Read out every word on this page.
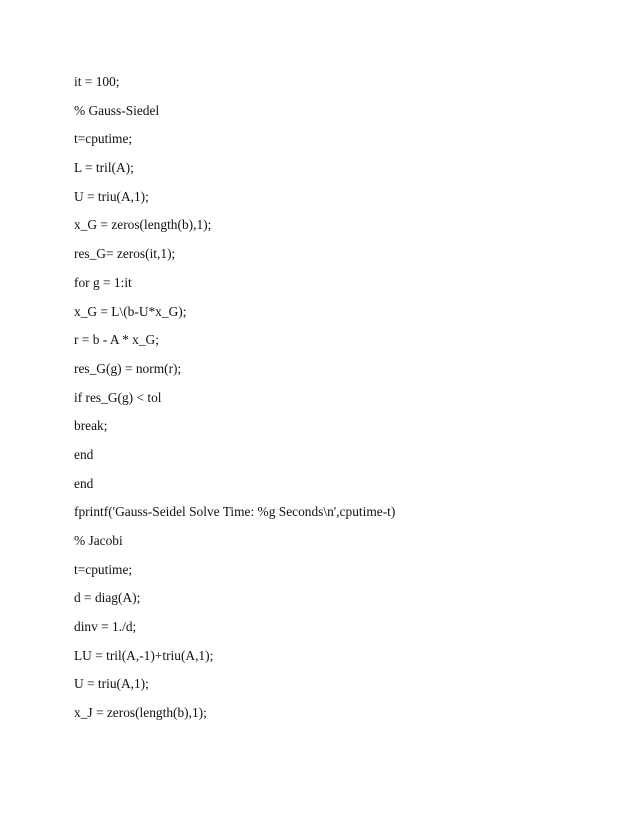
it = 100;
% Gauss-Siedel
t=cputime;
L = tril(A);
U = triu(A,1);
x_G = zeros(length(b),1);
res_G= zeros(it,1);
for g = 1:it
x_G = L\(b-U*x_G);
r = b - A * x_G;
res_G(g) = norm(r);
if res_G(g) < tol
break;
end
end
fprintf('Gauss-Seidel Solve Time: %g Seconds\n',cputime-t)
% Jacobi
t=cputime;
d = diag(A);
dinv = 1./d;
LU = tril(A,-1)+triu(A,1);
U = triu(A,1);
x_J = zeros(length(b),1);
